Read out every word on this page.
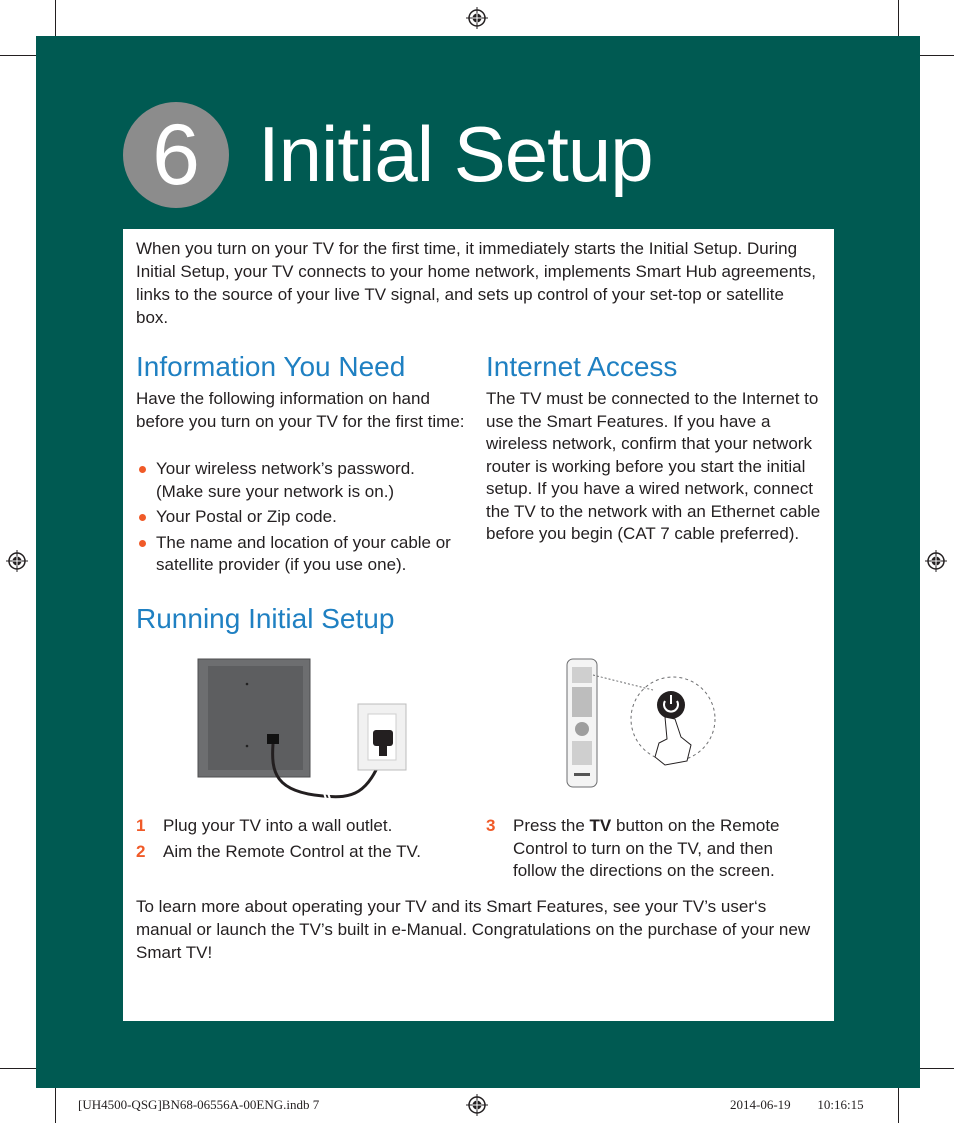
6 Initial Setup

When you turn on your TV for the first time, it immediately starts the Initial Setup. During Initial Setup, your TV connects to your home network, implements Smart Hub agreements, links to the source of your live TV signal, and sets up control of your set-top or satellite box.

Information You Need

Have the following information on hand before you turn on your TV for the first time:

Your wireless network’s password. (Make sure your network is on.)
Your Postal or Zip code.
The name and location of your cable or satellite provider (if you use one).
Internet Access

The TV must be connected to the Internet to use the Smart Features. If you have a wireless network, confirm that your network router is working before you start the initial setup. If you have a wired network, connect the TV to the network with an Ethernet cable before you begin (CAT 7 cable preferred).

Running Initial Setup
1 Plug your TV into a wall outlet.
2 Aim the Remote Control at the TV.
3 Press the TV button on the Remote Control to turn on the TV, and then follow the directions on the screen.

To learn more about operating your TV and its Smart Features, see your TV’s user‘s manual or launch the TV’s built in e-Manual. Congratulations on the purchase of your new Smart TV!

[UH4500-QSG]BN68-06556A-00ENG.indb 7	2014-06-19 ￿￿ 10:16:15
